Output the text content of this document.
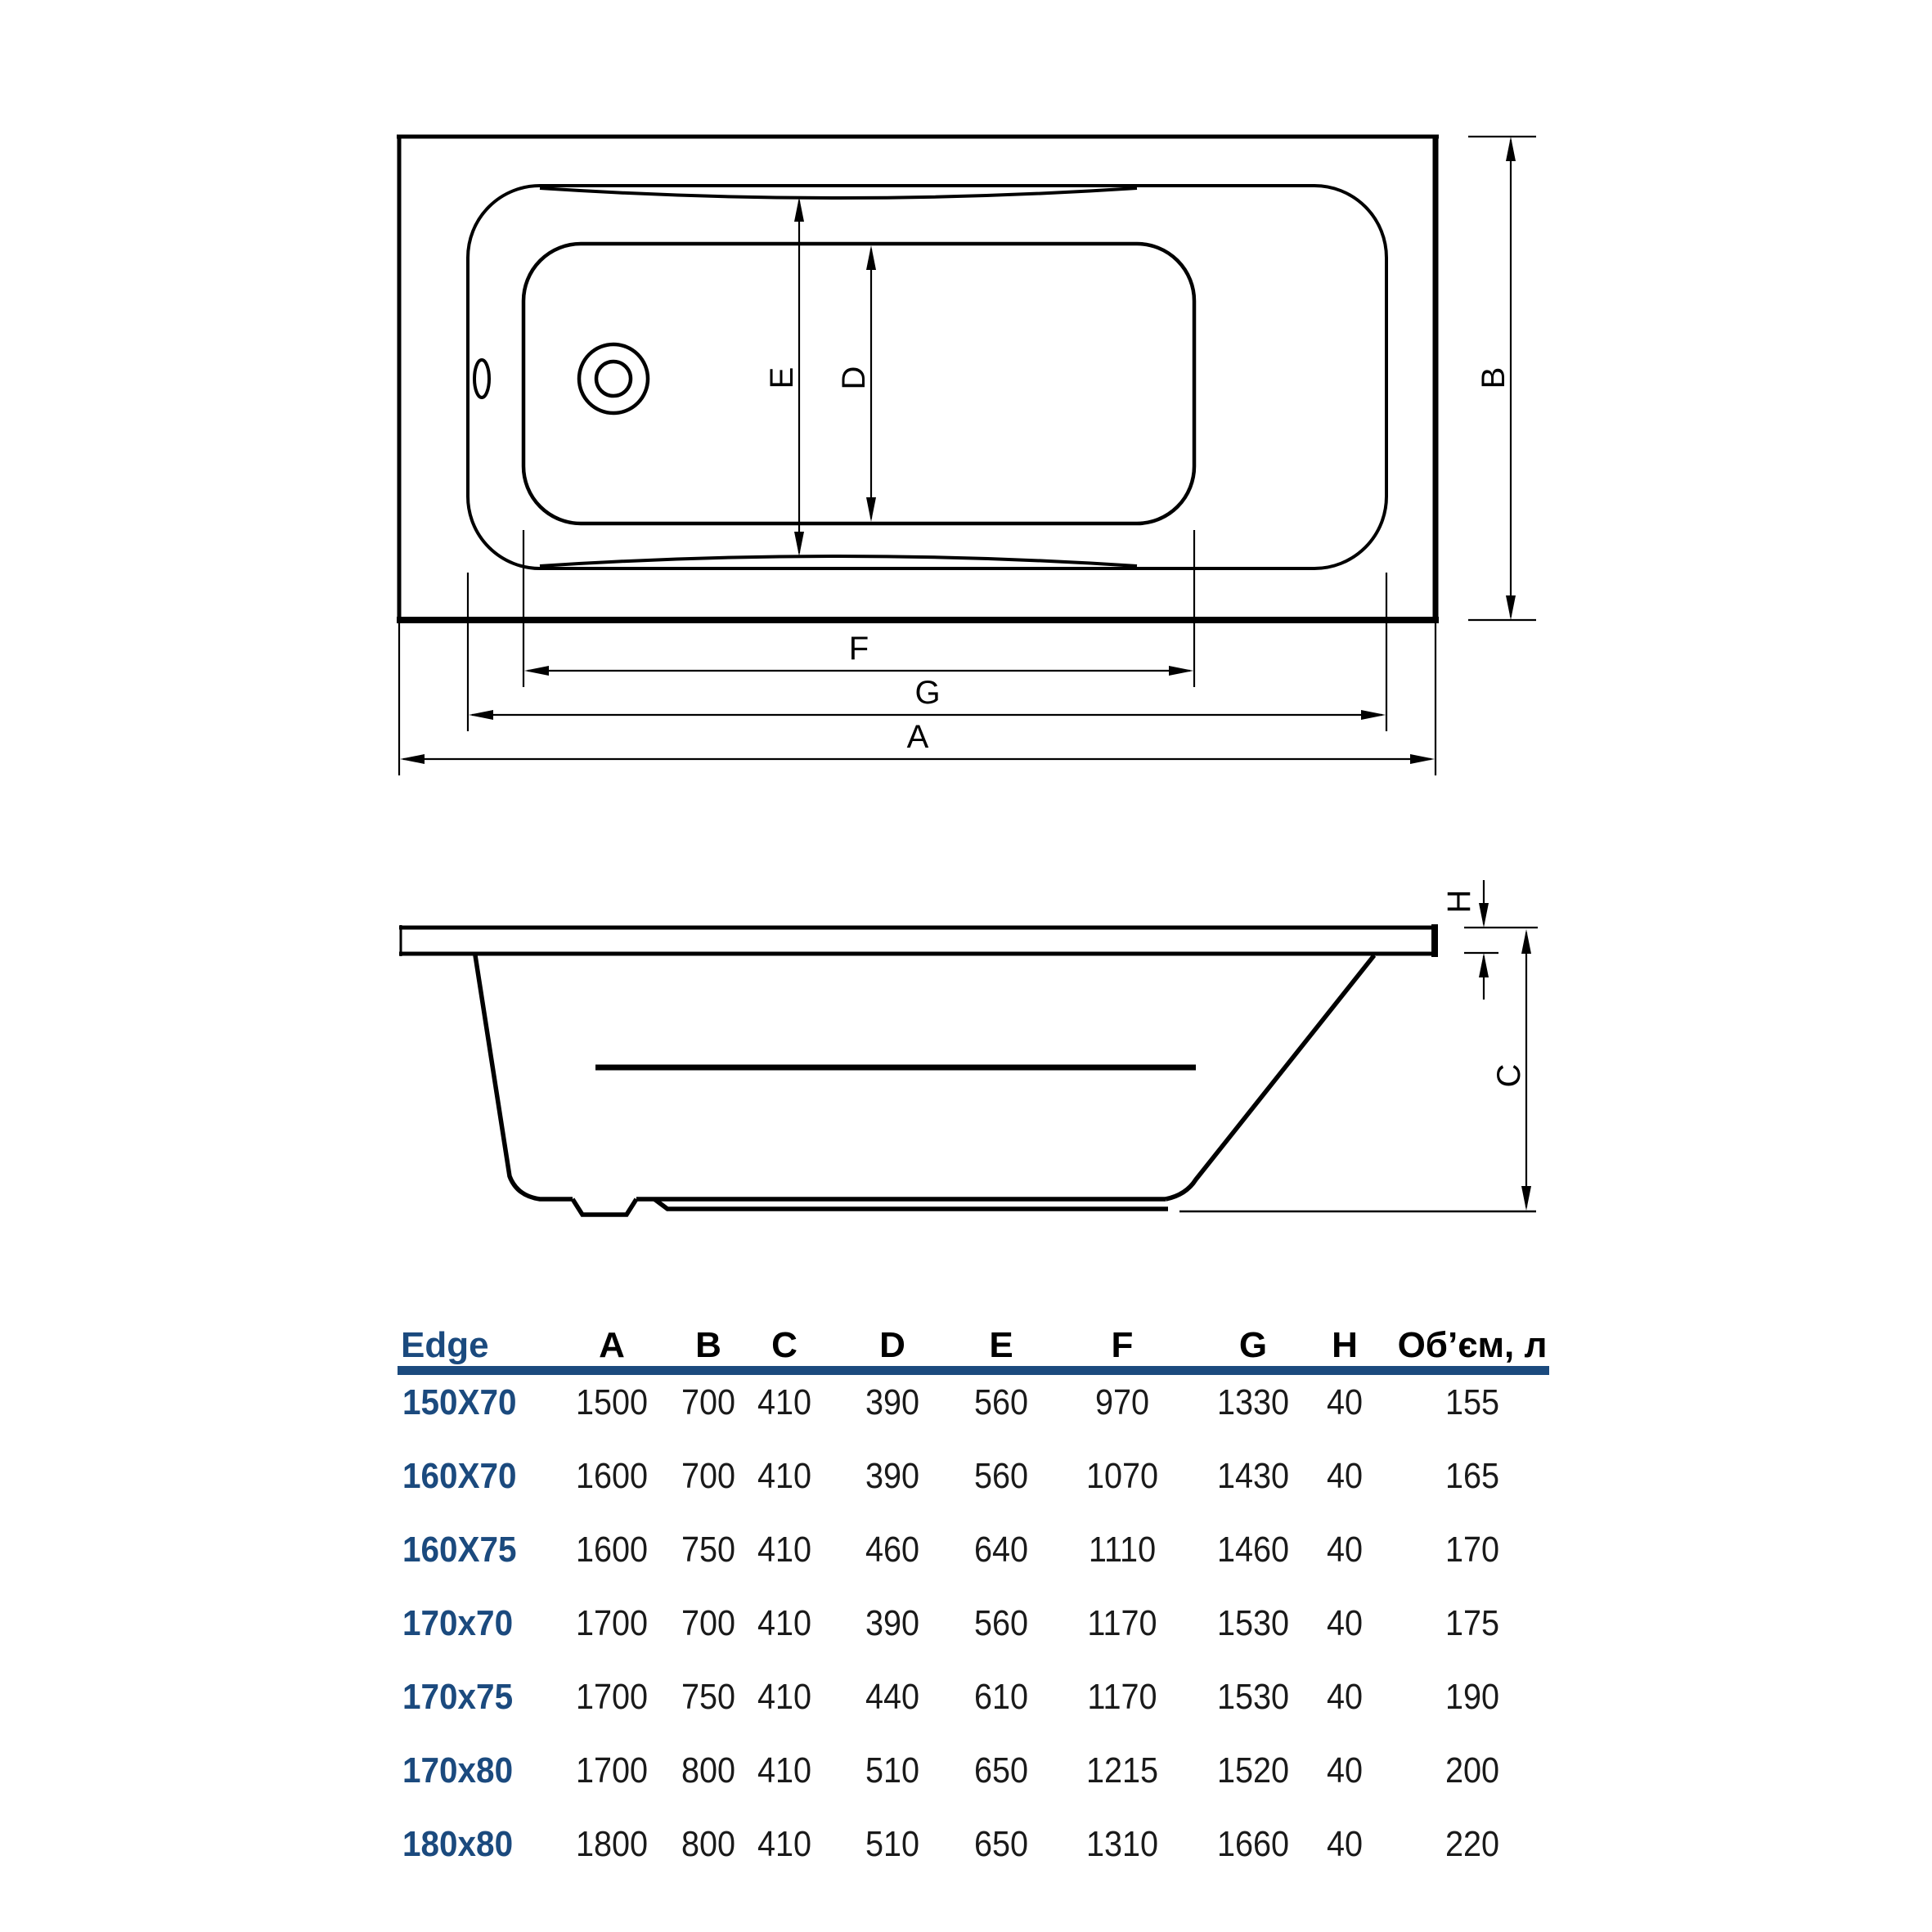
E D	B
F
G
A
H
C
Edge	A B C D E	F	G H Об’єм, л
150X70 1500 700 410 390 560 970 1330 40 155
160X70 1600 700 410 390 560 1070 1430 40 165
160X75 1600 750 410 460 640 1110 1460 40 170
170x70 1700 700 410 390 560 1170 1530 40 175
170x75 1700 750 410 440 610 1170 1530 40 190
170x80 1700 800 410 510 650 1215 1520 40 200
180x80 1800 800 410 510 650 1310 1660 40 220
